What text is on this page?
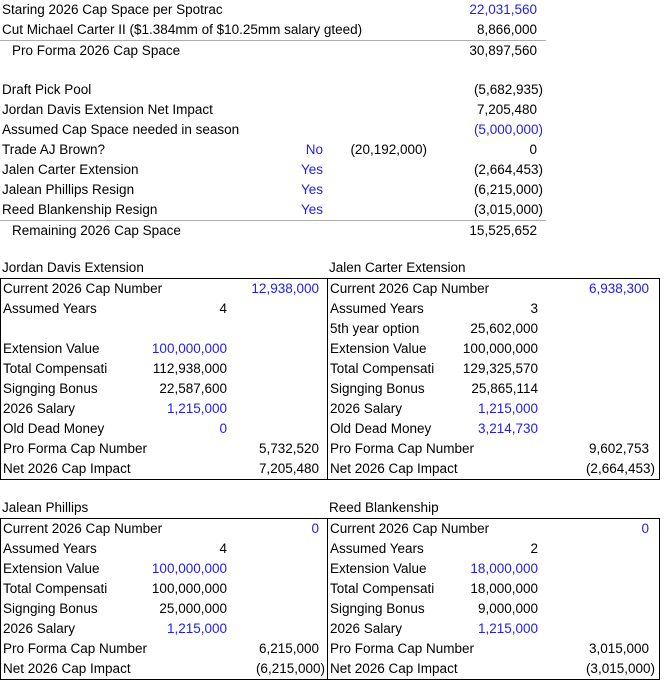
Staring 2026 Cap Space per Spotrac	22,031,560
Cut Michael Carter II ($1.384mm of $10.25mm salary gteed)	8,866,000
Pro Forma 2026 Cap Space	30,897,560
Draft Pick Pool	(5,682,935)
Jordan Davis Extension Net Impact	7,205,480
Assumed Cap Space needed in season	(5,000,000)
Trade AJ Brown?	No	(20,192,000)	0
Jalen Carter Extension	Yes	(2,664,453)
Jalean Phillips Resign	Yes	(6,215,000)
Reed Blankenship Resign	Yes	(3,015,000)
Remaining 2026 Cap Space	15,525,652
Jordan Davis Extension
Current 2026 Cap Number	12,938,000
Assumed Years	4
Extension Value	100,000,000
Total Compensati	112,938,000
Signging Bonus	22,587,600
2026 Salary	1,215,000
Old Dead Money	0
Pro Forma Cap Number	5,732,520
Net 2026 Cap Impact	7,205,480
Jalen Carter Extension
Current 2026 Cap Number	6,938,300
Assumed Years	3
5th year option	25,602,000
Extension Value	100,000,000
Total Compensati	129,325,570
Signging Bonus	25,865,114
2026 Salary	1,215,000
Old Dead Money	3,214,730
Pro Forma Cap Number	9,602,753
Net 2026 Cap Impact	(2,664,453)
Jalean Phillips
Current 2026 Cap Number	0
Assumed Years	4
Extension Value	100,000,000
Total Compensati	100,000,000
Signging Bonus	25,000,000
2026 Salary	1,215,000
Pro Forma Cap Number	6,215,000
Net 2026 Cap Impact	(6,215,000)
Reed Blankenship
Current 2026 Cap Number	0
Assumed Years	2
Extension Value	18,000,000
Total Compensati	18,000,000
Signging Bonus	9,000,000
2026 Salary	1,215,000
Pro Forma Cap Number	3,015,000
Net 2026 Cap Impact	(3,015,000)
